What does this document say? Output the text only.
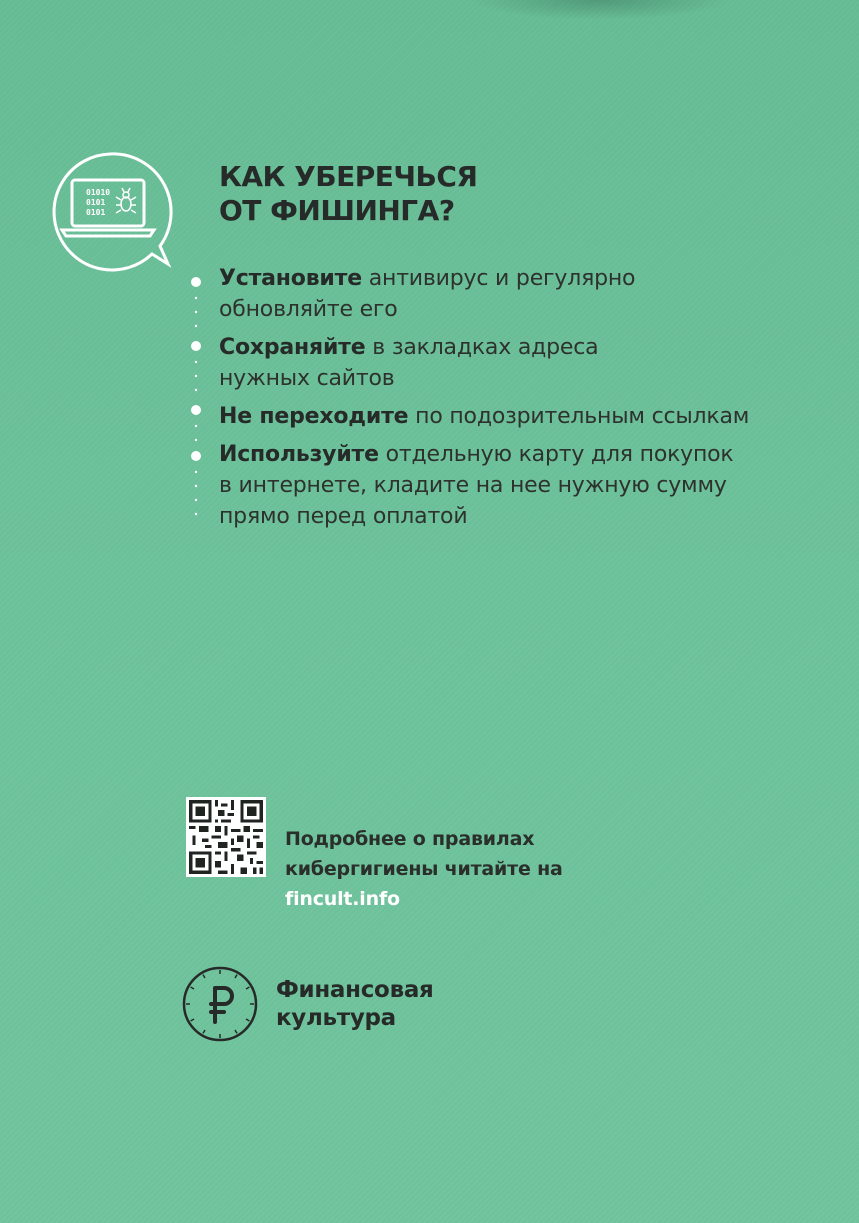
01010
0101
0101
КАК УБЕРЕЧЬСЯ
ОТ ФИШИНГА?
Установите антивирус и регулярно
обновляйте его
Сохраняйте в закладках адреса
нужных сайтов
Не переходите по подозрительным ссылкам
Используйте отдельную карту для покупок
в интернете, кладите на нее нужную сумму
прямо перед оплатой

Подробнее о правилах
кибергигиены читайте на
fincult.info

Финансовая
культура
